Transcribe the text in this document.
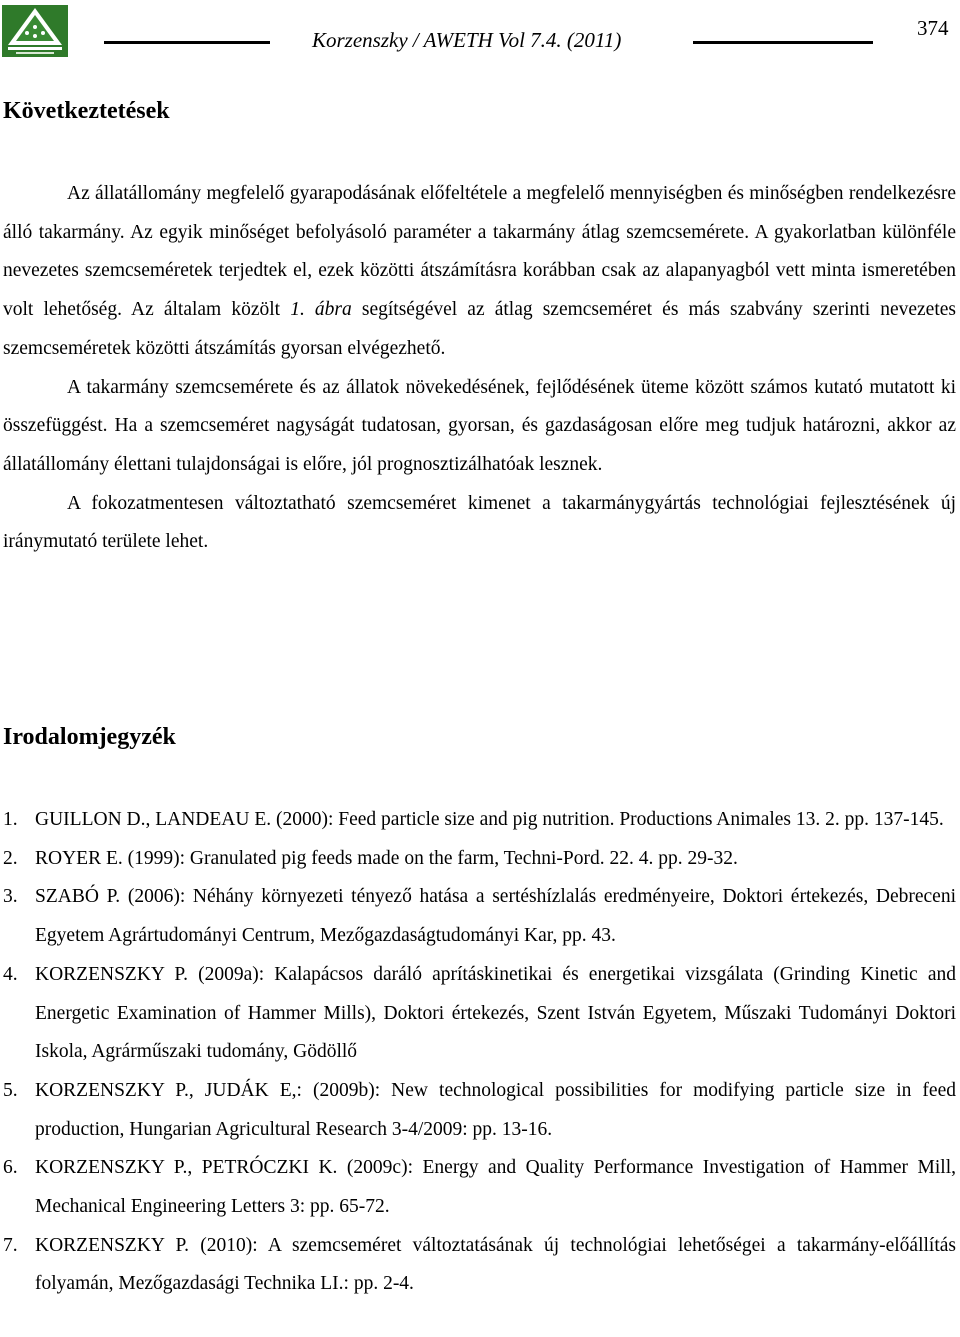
Korzenszky / AWETH Vol 7.4. (2011)	374
Következtetések

Az állatállomány megfelelő gyarapodásának előfeltétele a megfelelő mennyiségben és minőségben rendelkezésre álló takarmány. Az egyik minőséget befolyásoló paraméter a takarmány átlag szemcsemérete. A gyakorlatban különféle nevezetes szemcseméretek terjedtek el, ezek közötti átszámításra korábban csak az alapanyagból vett minta ismeretében volt lehetőség. Az általam közölt 1. ábra segítségével az átlag szemcseméret és más szabvány szerinti nevezetes szemcseméretek közötti átszámítás gyorsan elvégezhető.

A takarmány szemcsemérete és az állatok növekedésének, fejlődésének üteme között számos kutató mutatott ki összefüggést. Ha a szemcseméret nagyságát tudatosan, gyorsan, és gazdaságosan előre meg tudjuk határozni, akkor az állatállomány élettani tulajdonságai is előre, jól prognosztizálhatóak lesznek.

A fokozatmentesen változtatható szemcseméret kimenet a takarmánygyártás technológiai fejlesztésének új iránymutató területe lehet.

Irodalomjegyzék
1. GUILLON D., LANDEAU E. (2000): Feed particle size and pig nutrition. Productions Animales 13. 2. pp. 137-145.
2. ROYER E. (1999): Granulated pig feeds made on the farm, Techni-Pord. 22. 4. pp. 29-32.
3. SZABÓ P. (2006): Néhány környezeti tényező hatása a sertéshízlalás eredményeire, Doktori értekezés, Debreceni Egyetem Agrártudományi Centrum, Mezőgazdaságtudományi Kar, pp. 43.
4. KORZENSZKY P. (2009a): Kalapácsos daráló aprításkinetikai és energetikai vizsgálata (Grinding Kinetic and Energetic Examination of Hammer Mills), Doktori értekezés, Szent István Egyetem, Műszaki Tudományi Doktori Iskola, Agrárműszaki tudomány, Gödöllő
5. KORZENSZKY P., JUDÁK E,: (2009b): New technological possibilities for modifying particle size in feed production, Hungarian Agricultural Research 3-4/2009: pp. 13-16.
6. KORZENSZKY P., PETRÓCZKI K. (2009c): Energy and Quality Performance Investigation of Hammer Mill, Mechanical Engineering Letters 3: pp. 65-72.
7. KORZENSZKY P. (2010): A szemcseméret változtatásának új technológiai lehetőségei a takarmány-előállítás folyamán, Mezőgazdasági Technika LI.: pp. 2-4.
